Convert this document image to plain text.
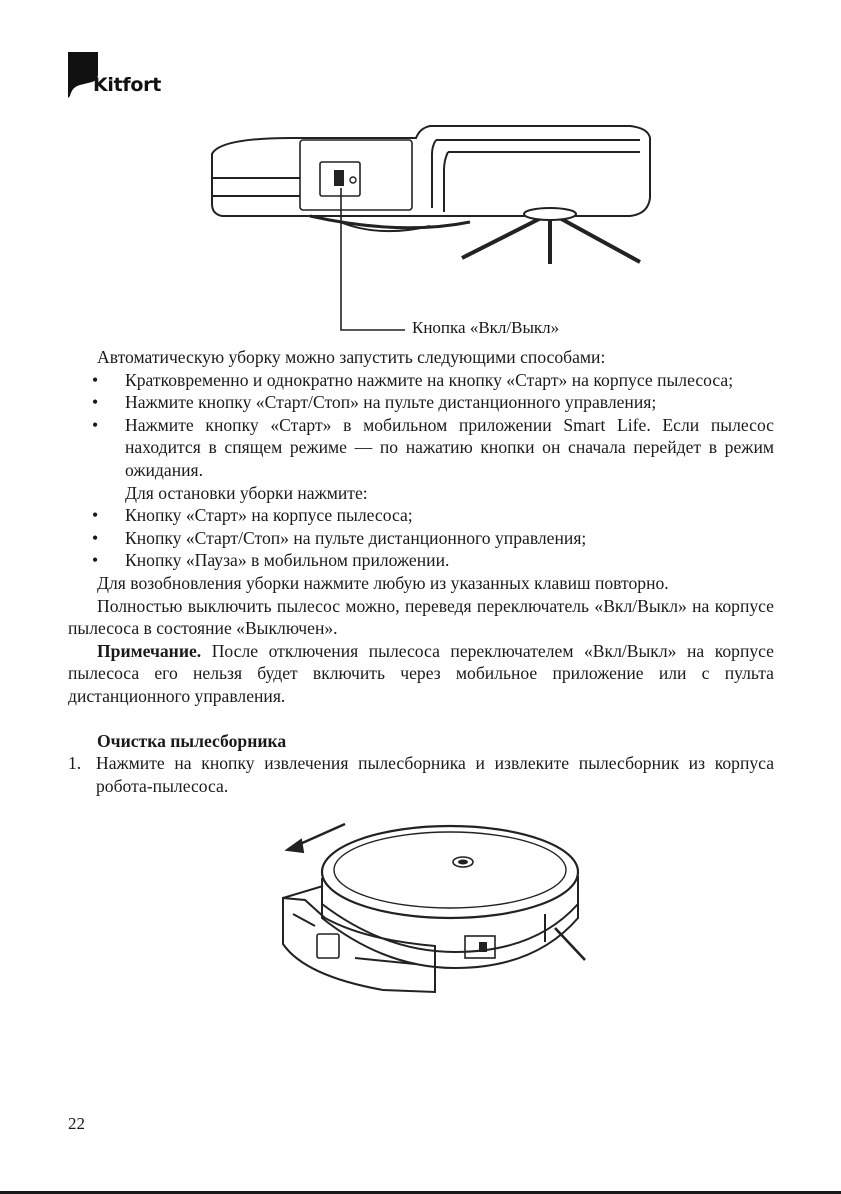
Kitfort
Кнопка «Вкл/Выкл»

Автоматическую уборку можно запустить следующими способами:

• Кратковременно и однократно нажмите на кнопку «Старт» на корпусе пылесоса;
• Нажмите кнопку «Старт/Стоп» на пульте дистанционного управления;
• Нажмите кнопку «Старт» в мобильном приложении Smart Life. Если пылесос находится в спящем режиме — по нажатию кнопки он сначала перейдет в режим ожидания.

Для остановки уборки нажмите:

• Кнопку «Старт» на корпусе пылесоса;
• Кнопку «Старт/Стоп» на пульте дистанционного управления;
• Кнопку «Пауза» в мобильном приложении.

Для возобновления уборки нажмите любую из указанных клавиш повторно.

Полностью выключить пылесос можно, переведя переключатель «Вкл/Выкл» на корпусе пылесоса в состояние «Выключен».

Примечание. После отключения пылесоса переключателем «Вкл/Выкл» на корпусе пылесоса его нельзя будет включить через мобильное приложение или с пульта дистанционного управления.

Очистка пылесборника

1. Нажмите на кнопку извлечения пылесборника и извлеките пылесборник из корпуса робота-пылесоса.
22
